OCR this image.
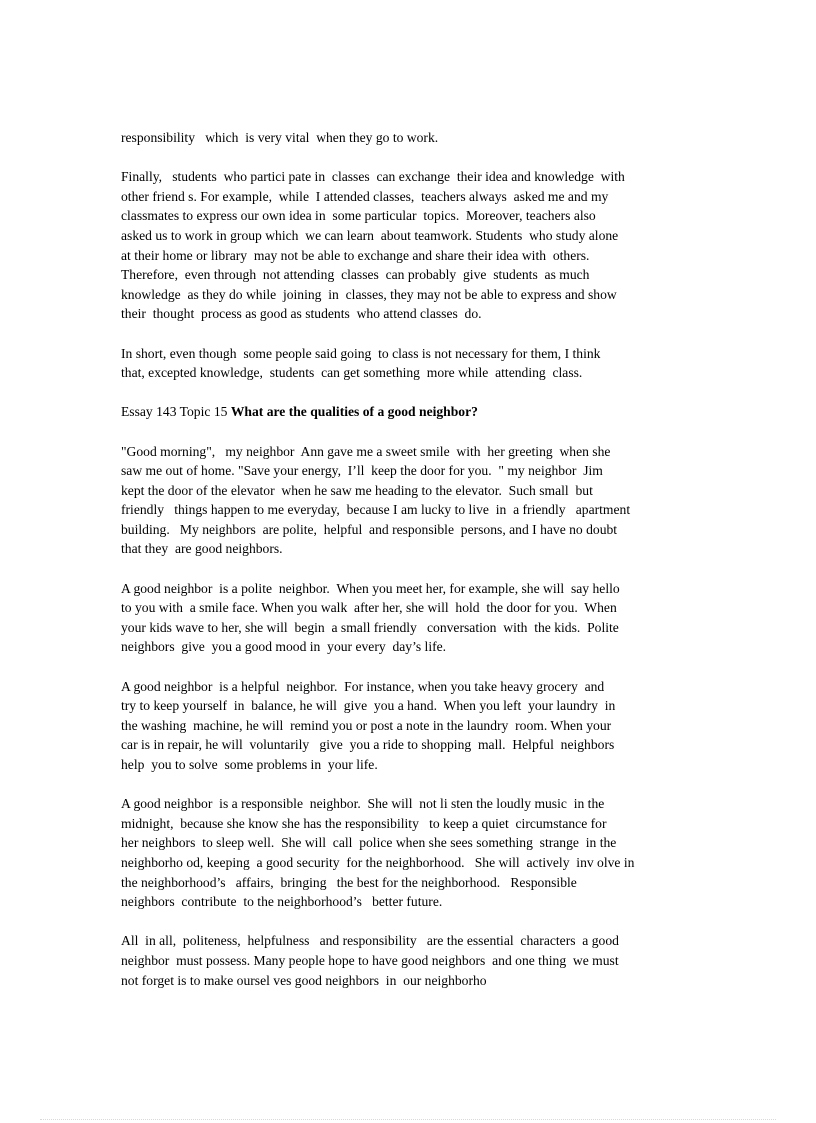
responsibility   which  is very vital  when they go to work.

Finally,   students  who partici pate in  classes  can exchange  their idea and knowledge  with
other friend s. For example,  while  I attended classes,  teachers always  asked me and my
classmates to express our own idea in  some particular  topics.  Moreover, teachers also
asked us to work in group which  we can learn  about teamwork. Students  who study alone
at their home or library  may not be able to exchange and share their idea with  others.
Therefore,  even through  not attending  classes  can probably  give  students  as much
knowledge  as they do while  joining  in  classes, they may not be able to express and show
their  thought  process as good as students  who attend classes  do.

In short, even though  some people said going  to class is not necessary for them, I think
that, excepted knowledge,  students  can get something  more while  attending  class.

Essay 143 Topic 15 What are the qualities of a good neighbor?

"Good morning",   my neighbor  Ann gave me a sweet smile  with  her greeting  when she
saw me out of home. "Save your energy,  I’ll  keep the door for you.  " my neighbor  Jim
kept the door of the elevator  when he saw me heading to the elevator.  Such small  but
friendly   things happen to me everyday,  because I am lucky to live  in  a friendly   apartment
building.   My neighbors  are polite,  helpful  and responsible  persons, and I have no doubt
that they  are good neighbors.

A good neighbor  is a polite  neighbor.  When you meet her, for example, she will  say hello
to you with  a smile face. When you walk  after her, she will  hold  the door for you.  When
your kids wave to her, she will  begin  a small friendly   conversation  with  the kids.  Polite
neighbors  give  you a good mood in  your every  day’s life.

A good neighbor  is a helpful  neighbor.  For instance, when you take heavy grocery  and
try to keep yourself  in  balance, he will  give  you a hand.  When you left  your laundry  in
the washing  machine, he will  remind you or post a note in the laundry  room. When your
car is in repair, he will  voluntarily   give  you a ride to shopping  mall.  Helpful  neighbors
help  you to solve  some problems in  your life.

A good neighbor  is a responsible  neighbor.  She will  not li sten the loudly music  in the
midnight,  because she know she has the responsibility   to keep a quiet  circumstance for
her neighbors  to sleep well.  She will  call  police when she sees something  strange  in the
neighborho od, keeping  a good security  for the neighborhood.   She will  actively  inv olve in
the neighborhood’s   affairs,  bringing   the best for the neighborhood.   Responsible
neighbors  contribute  to the neighborhood’s   better future.

All  in all,  politeness,  helpfulness   and responsibility   are the essential  characters  a good
neighbor  must possess. Many people hope to have good neighbors  and one thing  we must
not forget is to make oursel ves good neighbors  in  our neighborho
